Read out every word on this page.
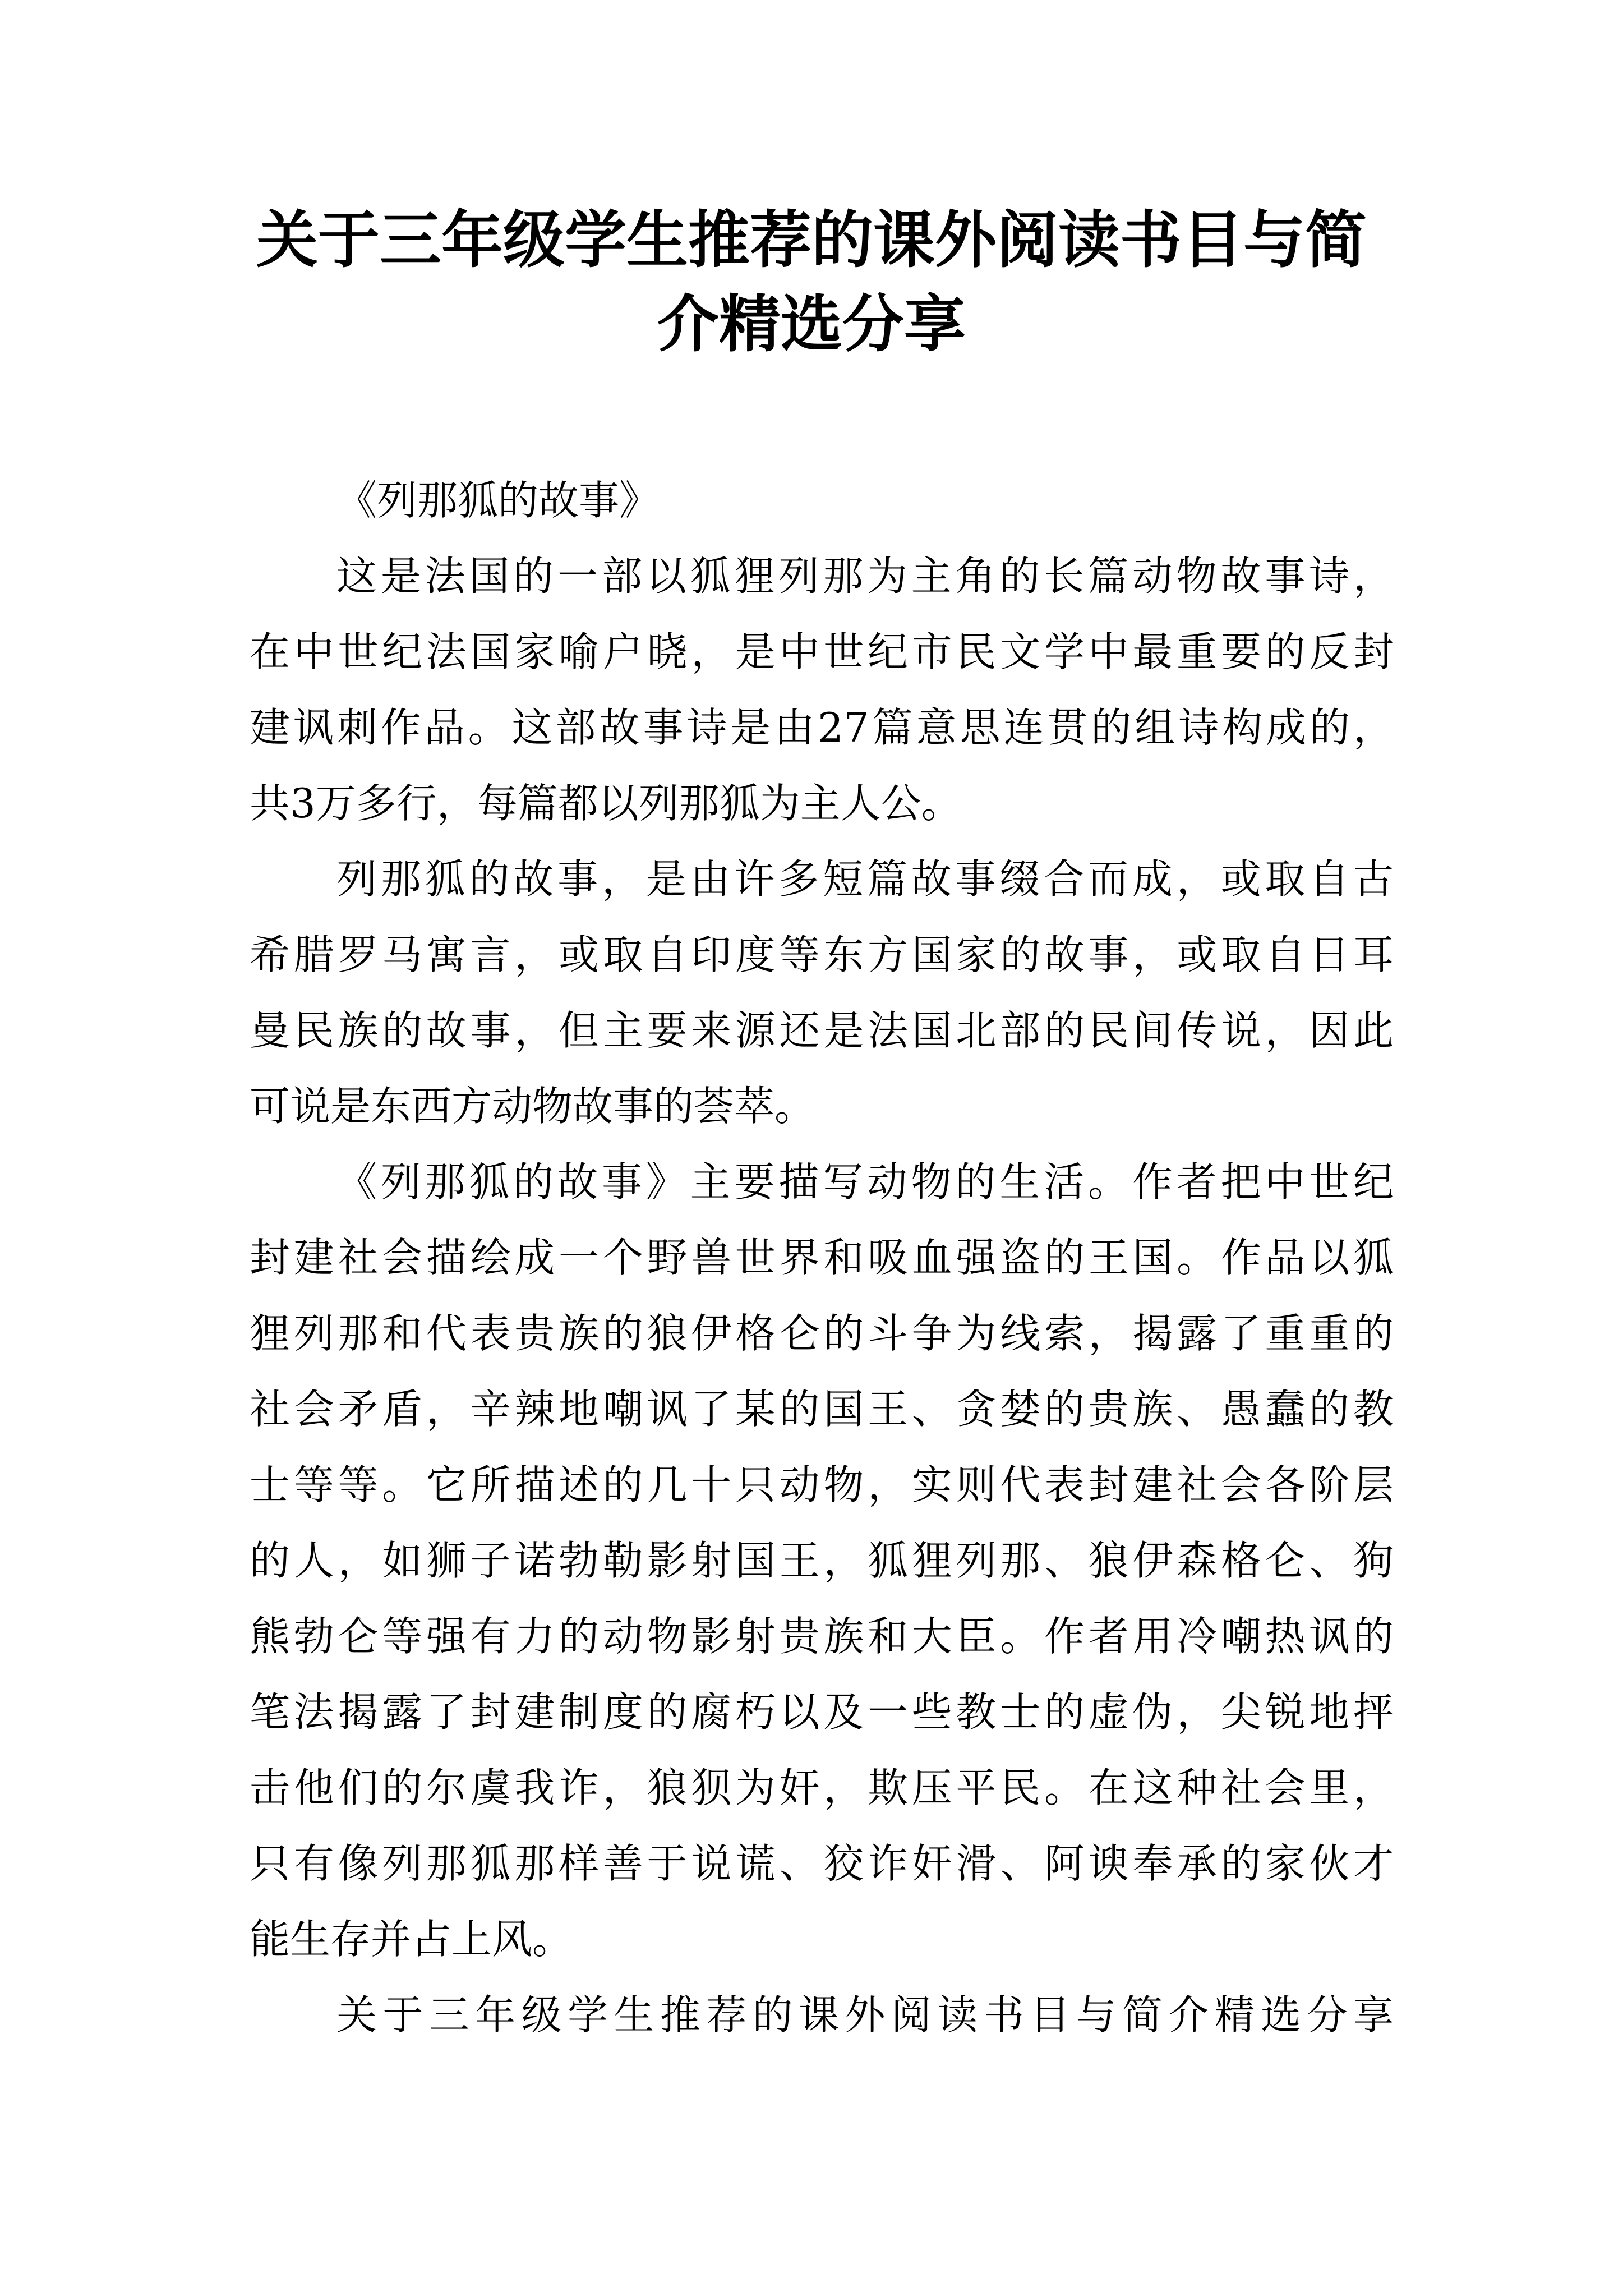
关于三年级学生推荐的课外阅读书目与简
介精选分享

《列那狐的故事》

这是法国的一部以狐狸列那为主角的长篇动物故事诗，

在中世纪法国家喻户晓，是中世纪市民文学中最重要的反封

建讽刺作品。这部故事诗是由27篇意思连贯的组诗构成的，

共3万多行，每篇都以列那狐为主人公。

列那狐的故事，是由许多短篇故事缀合而成，或取自古

希腊罗马寓言，或取自印度等东方国家的故事，或取自日耳

曼民族的故事，但主要来源还是法国北部的民间传说，因此

可说是东西方动物故事的荟萃。

《列那狐的故事》主要描写动物的生活。作者把中世纪

封建社会描绘成一个野兽世界和吸血强盗的王国。作品以狐

狸列那和代表贵族的狼伊格仑的斗争为线索，揭露了重重的

社会矛盾，辛辣地嘲讽了某的国王、贪婪的贵族、愚蠢的教

士等等。它所描述的几十只动物，实则代表封建社会各阶层

的人，如狮子诺勃勒影射国王，狐狸列那、狼伊森格仑、狗

熊勃仑等强有力的动物影射贵族和大臣。作者用冷嘲热讽的

笔法揭露了封建制度的腐朽以及一些教士的虚伪，尖锐地抨

击他们的尔虞我诈，狼狈为奸，欺压平民。在这种社会里，

只有像列那狐那样善于说谎、狡诈奸滑、阿谀奉承的家伙才

能生存并占上风。

关于三年级学生推荐的课外阅读书目与简介精选分享
